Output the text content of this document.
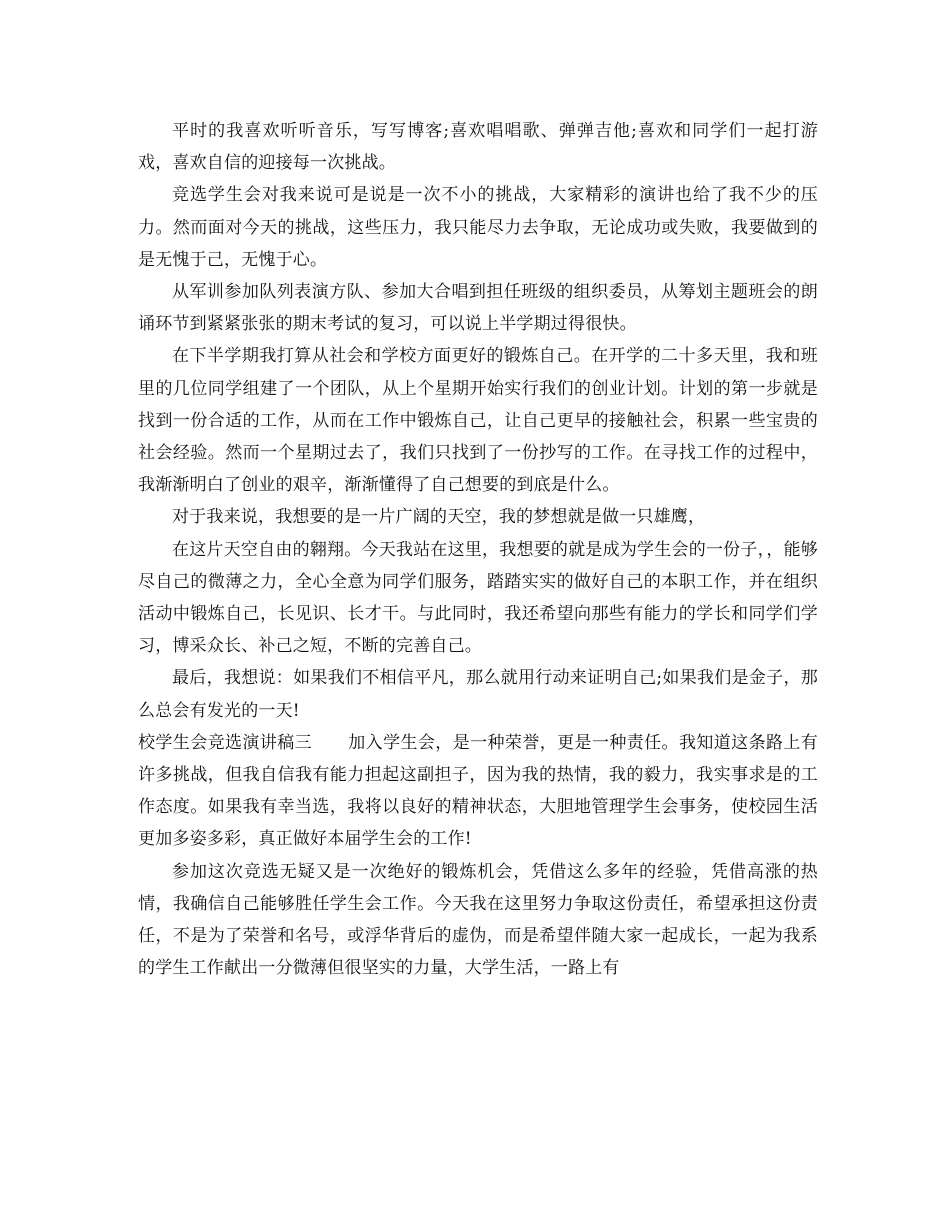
平时的我喜欢听听音乐，写写博客;喜欢唱唱歌、弹弹吉他;喜欢和同学们一起打游戏，喜欢自信的迎接每一次挑战。

竞选学生会对我来说可是说是一次不小的挑战，大家精彩的演讲也给了我不少的压力。然而面对今天的挑战，这些压力，我只能尽力去争取，无论成功或失败，我要做到的是无愧于己，无愧于心。

从军训参加队列表演方队、参加大合唱到担任班级的组织委员，从筹划主题班会的朗诵环节到紧紧张张的期末考试的复习，可以说上半学期过得很快。

在下半学期我打算从社会和学校方面更好的锻炼自己。在开学的二十多天里，我和班里的几位同学组建了一个团队，从上个星期开始实行我们的创业计划。计划的第一步就是找到一份合适的工作，从而在工作中锻炼自己，让自己更早的接触社会，积累一些宝贵的社会经验。然而一个星期过去了，我们只找到了一份抄写的工作。在寻找工作的过程中，我渐渐明白了创业的艰辛，渐渐懂得了自己想要的到底是什么。

对于我来说，我想要的是一片广阔的天空，我的梦想就是做一只雄鹰，

在这片天空自由的翱翔。今天我站在这里，我想要的就是成为学生会的一份子，，能够尽自己的微薄之力，全心全意为同学们服务，踏踏实实的做好自己的本职工作，并在组织活动中锻炼自己，长见识、长才干。与此同时，我还希望向那些有能力的学长和同学们学习，博采众长、补己之短，不断的完善自己。

最后，我想说：如果我们不相信平凡，那么就用行动来证明自己;如果我们是金子，那么总会有发光的一天!

校学生会竞选演讲稿三 加入学生会，是一种荣誉，更是一种责任。我知道这条路上有许多挑战，但我自信我有能力担起这副担子，因为我的热情，我的毅力，我实事求是的工作态度。如果我有幸当选，我将以良好的精神状态，大胆地管理学生会事务，使校园生活更加多姿多彩，真正做好本届学生会的工作!

参加这次竞选无疑又是一次绝好的锻炼机会，凭借这么多年的经验，凭借高涨的热情，我确信自己能够胜任学生会工作。今天我在这里努力争取这份责任，希望承担这份责任，不是为了荣誉和名号，或浮华背后的虚伪，而是希望伴随大家一起成长，一起为我系的学生工作献出一分微薄但很坚实的力量，大学生活，一路上有
